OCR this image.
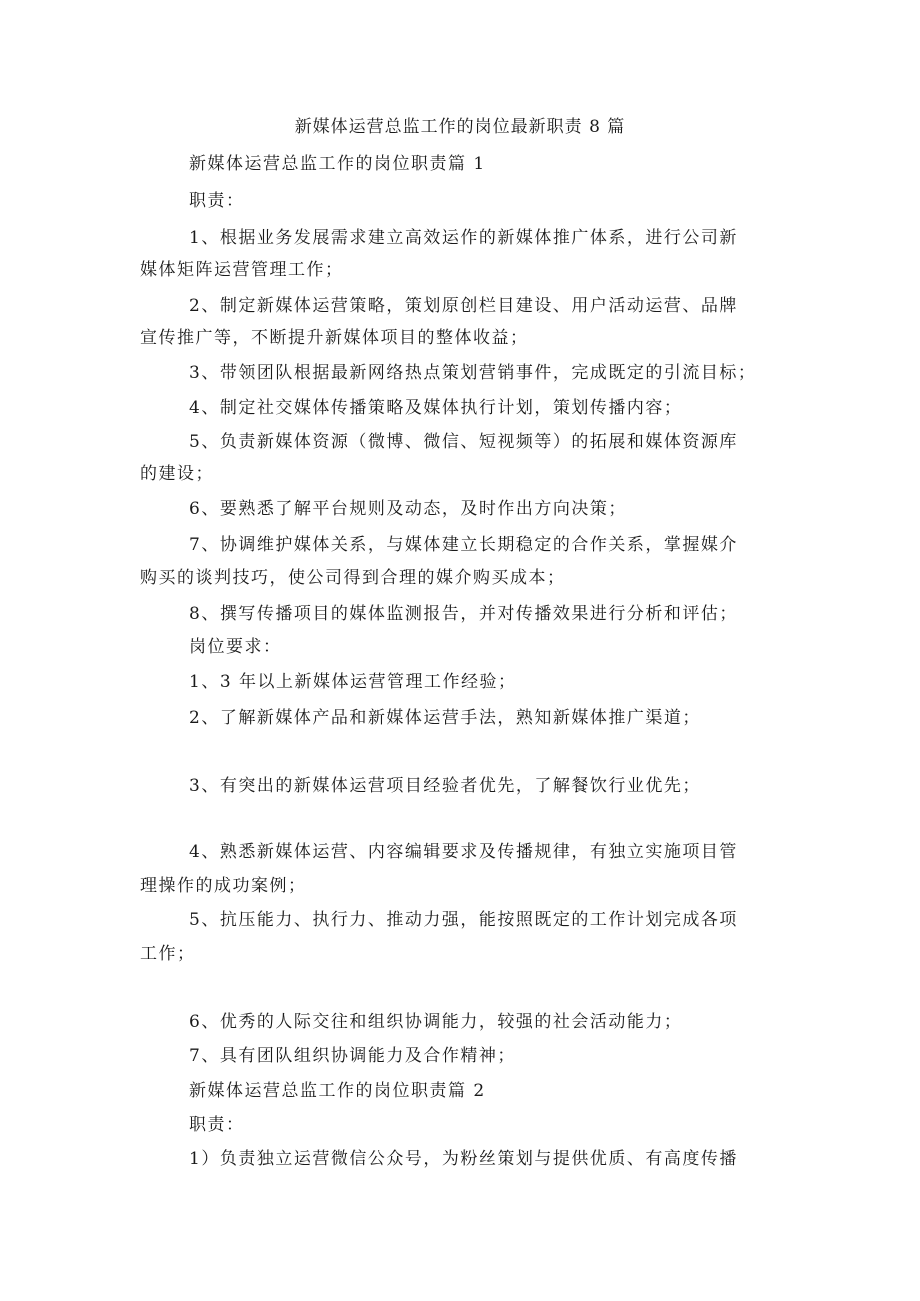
新媒体运营总监工作的岗位最新职责 8 篇
新媒体运营总监工作的岗位职责篇 1
职责：
1、根据业务发展需求建立高效运作的新媒体推广体系，进行公司新
媒体矩阵运营管理工作；
2、制定新媒体运营策略，策划原创栏目建设、用户活动运营、品牌
宣传推广等，不断提升新媒体项目的整体收益；
3、带领团队根据最新网络热点策划营销事件，完成既定的引流目标；
4、制定社交媒体传播策略及媒体执行计划，策划传播内容；
5、负责新媒体资源（微博、微信、短视频等）的拓展和媒体资源库
的建设；
6、要熟悉了解平台规则及动态，及时作出方向决策；
7、协调维护媒体关系，与媒体建立长期稳定的合作关系，掌握媒介
购买的谈判技巧，使公司得到合理的媒介购买成本；
8、撰写传播项目的媒体监测报告，并对传播效果进行分析和评估；
岗位要求：
1、3 年以上新媒体运营管理工作经验；
2、了解新媒体产品和新媒体运营手法，熟知新媒体推广渠道；
3、有突出的新媒体运营项目经验者优先，了解餐饮行业优先；
4、熟悉新媒体运营、内容编辑要求及传播规律，有独立实施项目管
理操作的成功案例；
5、抗压能力、执行力、推动力强，能按照既定的工作计划完成各项
工作；
6、优秀的人际交往和组织协调能力，较强的社会活动能力；
7、具有团队组织协调能力及合作精神；
新媒体运营总监工作的岗位职责篇 2
职责：
1）负责独立运营微信公众号，为粉丝策划与提供优质、有高度传播
